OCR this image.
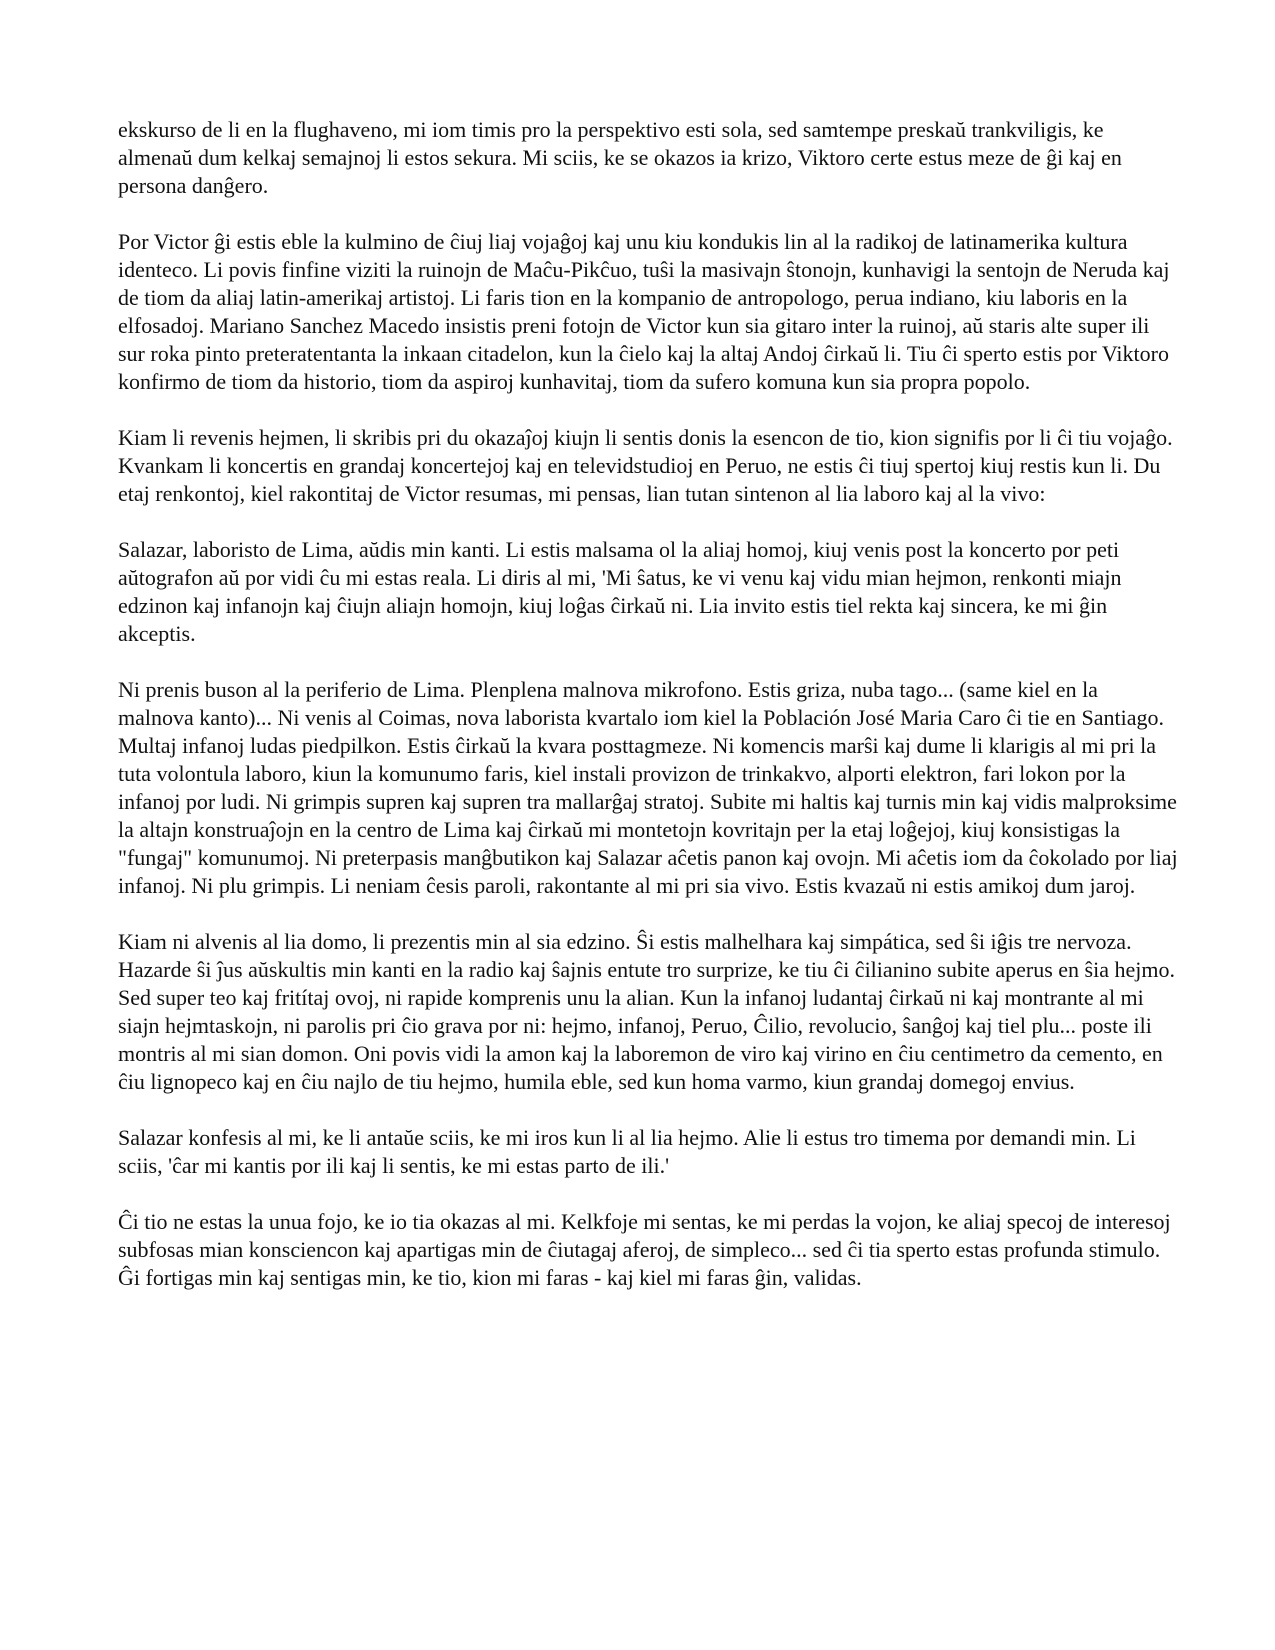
ekskurso de li en la flughaveno, mi iom timis pro la perspektivo esti sola, sed samtempe preskaŭ trankviligis, ke almenaŭ dum kelkaj semajnoj li estos sekura. Mi sciis, ke se okazos ia krizo, Viktoro certe estus meze de ĝi kaj en persona danĝero.

Por Victor ĝi estis eble la kulmino de ĉiuj liaj vojaĝoj kaj unu kiu kondukis lin al la radikoj de latinamerika kultura identeco. Li povis finfine viziti la ruinojn de Maĉu-Pikĉuo, tuŝi la masivajn ŝtonojn, kunhavigi la sentojn de Neruda kaj de tiom da aliaj latin-amerikaj artistoj. Li faris tion en la kompanio de antropologo, perua indiano, kiu laboris en la elfosadoj. Mariano Sanchez Macedo insistis preni fotojn de Victor kun sia gitaro inter la ruinoj, aŭ staris alte super ili sur roka pinto preteratentanta la inkaan citadelon, kun la ĉielo kaj la altaj Andoj ĉirkaŭ li. Tiu ĉi sperto estis por Viktoro konfirmo de tiom da historio, tiom da aspiroj kunhavitaj, tiom da sufero komuna kun sia propra popolo.

Kiam li revenis hejmen, li skribis pri du okazaĵoj kiujn li sentis donis la esencon de tio, kion signifis por li ĉi tiu vojaĝo. Kvankam li koncertis en grandaj koncertejoj kaj en televidstudioj en Peruo, ne estis ĉi tiuj spertoj kiuj restis kun li. Du etaj renkontoj, kiel rakontitaj de Victor resumas, mi pensas, lian tutan sintenon al lia laboro kaj al la vivo:

Salazar, laboristo de Lima, aŭdis min kanti. Li estis malsama ol la aliaj homoj, kiuj venis post la koncerto por peti aŭtografon aŭ por vidi ĉu mi estas reala. Li diris al mi, 'Mi ŝatus, ke vi venu kaj vidu mian hejmon, renkonti miajn edzinon kaj infanojn kaj ĉiujn aliajn homojn, kiuj loĝas ĉirkaŭ ni. Lia invito estis tiel rekta kaj sincera, ke mi ĝin akceptis.

Ni prenis buson al la periferio de Lima. Plenplena malnova mikrofono. Estis griza, nuba tago... (same kiel en la malnova kanto)... Ni venis al Coimas, nova laborista kvartalo iom kiel la Población José Maria Caro ĉi tie en Santiago. Multaj infanoj ludas piedpilkon. Estis ĉirkaŭ la kvara posttagmeze. Ni komencis marŝi kaj dume li klarigis al mi pri la tuta volontula laboro, kiun la komunumo faris, kiel instali provizon de trinkakvo, alporti elektron, fari lokon por la infanoj por ludi. Ni grimpis supren kaj supren tra mallarĝaj stratoj. Subite mi haltis kaj turnis min kaj vidis malproksime la altajn konstruaĵojn en la centro de Lima kaj ĉirkaŭ mi montetojn kovritajn per la etaj loĝejoj, kiuj konsistigas la "fungaj" komunumoj. Ni preterpasis manĝbutikon kaj Salazar aĉetis panon kaj ovojn. Mi aĉetis iom da ĉokolado por liaj infanoj. Ni plu grimpis. Li neniam ĉesis paroli, rakontante al mi pri sia vivo. Estis kvazaŭ ni estis amikoj dum jaroj.

Kiam ni alvenis al lia domo, li prezentis min al sia edzino. Ŝi estis malhelhara kaj simpática, sed ŝi iĝis tre nervoza. Hazarde ŝi ĵus aŭskultis min kanti en la radio kaj ŝajnis entute tro surprize, ke tiu ĉi ĉilianino subite aperus en ŝia hejmo. Sed super teo kaj fritítaj ovoj, ni rapide komprenis unu la alian. Kun la infanoj ludantaj ĉirkaŭ ni kaj montrante al mi siajn hejmtaskojn, ni parolis pri ĉio grava por ni: hejmo, infanoj, Peruo, Ĉilio, revolucio, ŝanĝoj kaj tiel plu... poste ili montris al mi sian domon. Oni povis vidi la amon kaj la laboremon de viro kaj virino en ĉiu centimetro da cemento, en ĉiu lignopeco kaj en ĉiu najlo de tiu hejmo, humila eble, sed kun homa varmo, kiun grandaj domegoj envius.

Salazar konfesis al mi, ke li antaŭe sciis, ke mi iros kun li al lia hejmo. Alie li estus tro timema por demandi min. Li sciis, 'ĉar mi kantis por ili kaj li sentis, ke mi estas parto de ili.'

Ĉi tio ne estas la unua fojo, ke io tia okazas al mi. Kelkfoje mi sentas, ke mi perdas la vojon, ke aliaj specoj de interesoj subfosas mian konsciencon kaj apartigas min de ĉiutagaj aferoj, de simpleco... sed ĉi tia sperto estas profunda stimulo. Ĝi fortigas min kaj sentigas min, ke tio, kion mi faras - kaj kiel mi faras ĝin, validas.
